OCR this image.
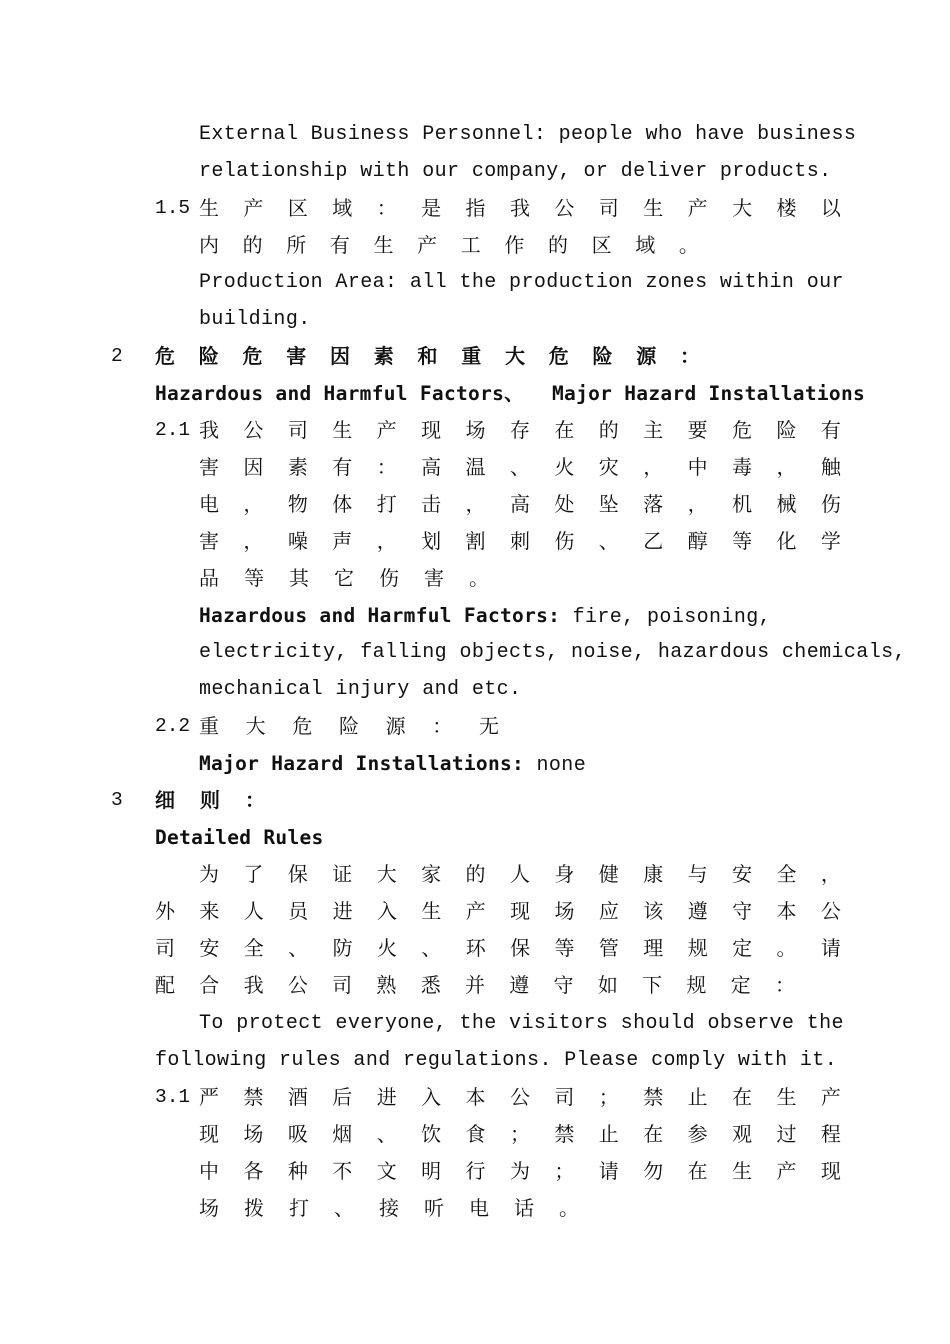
External Business Personnel: people who have business
relationship with our company, or deliver products.
1.5 生 产 区 域 ： 是 指 我 公 司 生 产 大 楼 以
内 的 所 有 生 产 工 作 的 区 域 。
Production Area: all the production zones within our
building.
2 危 险 危 害 因 素 和 重 大 危 险 源 ：
Hazardous and Harmful Factors、 Major Hazard Installations
2.1 我 公 司 生 产 现 场 存 在 的 主 要 危 险 有
害 因 素 有 ： 高 温 、 火 灾 ， 中 毒 ， 触
电 ， 物 体 打 击 ， 高 处 坠 落 ， 机 械 伤
害 ， 噪 声 ， 划 割 刺 伤 、 乙 醇 等 化 学
品 等 其 它 伤 害 。
Hazardous and Harmful Factors: fire, poisoning,
electricity, falling objects, noise, hazardous chemicals,
mechanical injury and etc.
2.2 重 大 危 险 源 ： 无
Major Hazard Installations: none
3 细 则 ：
Detailed Rules
为 了 保 证 大 家 的 人 身 健 康 与 安 全 ，
外 来 人 员 进 入 生 产 现 场 应 该 遵 守 本 公
司 安 全 、 防 火 、 环 保 等 管 理 规 定 。 请
配 合 我 公 司 熟 悉 并 遵 守 如 下 规 定 ：
To protect everyone, the visitors should observe the
following rules and regulations. Please comply with it.
3.1 严 禁 酒 后 进 入 本 公 司 ； 禁 止 在 生 产
现 场 吸 烟 、 饮 食 ； 禁 止 在 参 观 过 程
中 各 种 不 文 明 行 为 ； 请 勿 在 生 产 现
场 拨 打 、 接 听 电 话 。
